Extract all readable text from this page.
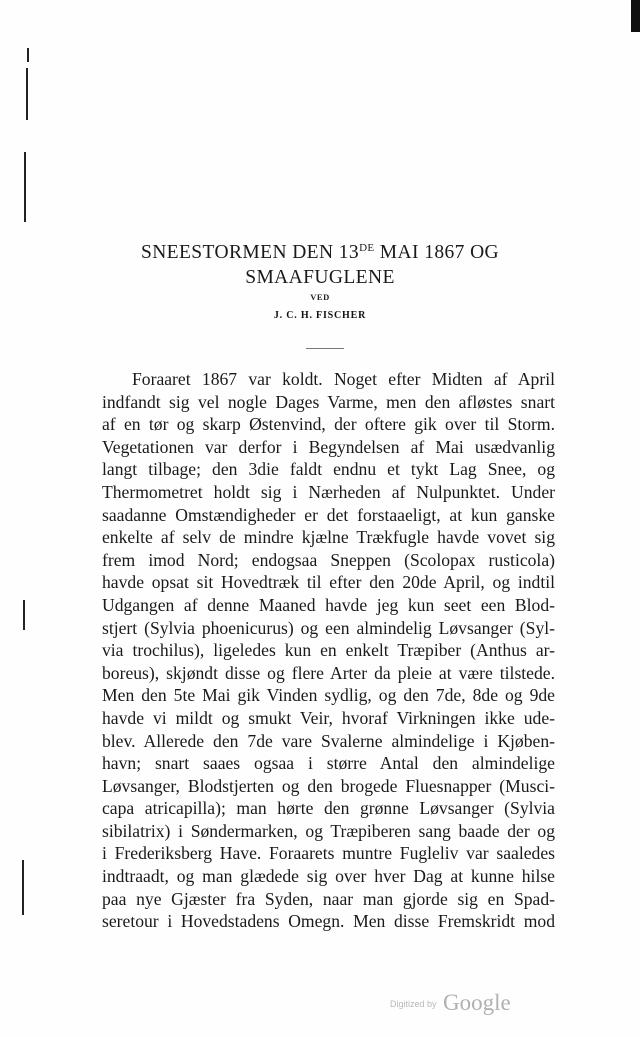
SNEESTORMEN DEN 13DE MAI 1867 OG
SMAAFUGLENE
VED
J. C. H. FISCHER
Foraaret 1867 var koldt. Noget efter Midten af April
indfandt sig vel nogle Dages Varme, men den afløstes snart
af en tør og skarp Østenvind, der oftere gik over til Storm.
Vegetationen var derfor i Begyndelsen af Mai usædvanlig
langt tilbage; den 3die faldt endnu et tykt Lag Snee, og
Thermometret holdt sig i Nærheden af Nulpunktet. Under
saadanne Omstændigheder er det forstaaeligt, at kun ganske
enkelte af selv de mindre kjælne Trækfugle havde vovet sig
frem imod Nord; endogsaa Sneppen (Scolopax rusticola)
havde opsat sit Hovedtræk til efter den 20de April, og indtil
Udgangen af denne Maaned havde jeg kun seet een Blod-
stjert (Sylvia phoenicurus) og een almindelig Løvsanger (Syl-
via trochilus), ligeledes kun en enkelt Træpiber (Anthus ar-
boreus), skjøndt disse og flere Arter da pleie at være tilstede.
Men den 5te Mai gik Vinden sydlig, og den 7de, 8de og 9de
havde vi mildt og smukt Veir, hvoraf Virkningen ikke ude-
blev. Allerede den 7de vare Svalerne almindelige i Kjøben-
havn; snart saaes ogsaa i større Antal den almindelige
Løvsanger, Blodstjerten og den brogede Fluesnapper (Musci-
capa atricapilla); man hørte den grønne Løvsanger (Sylvia
sibilatrix) i Søndermarken, og Træpiberen sang baade der og
i Frederiksberg Have. Foraarets muntre Fugleliv var saaledes
indtraadt, og man glædede sig over hver Dag at kunne hilse
paa nye Gjæster fra Syden, naar man gjorde sig en Spad-
seretour i Hovedstadens Omegn. Men disse Fremskridt mod
Digitized by Google
